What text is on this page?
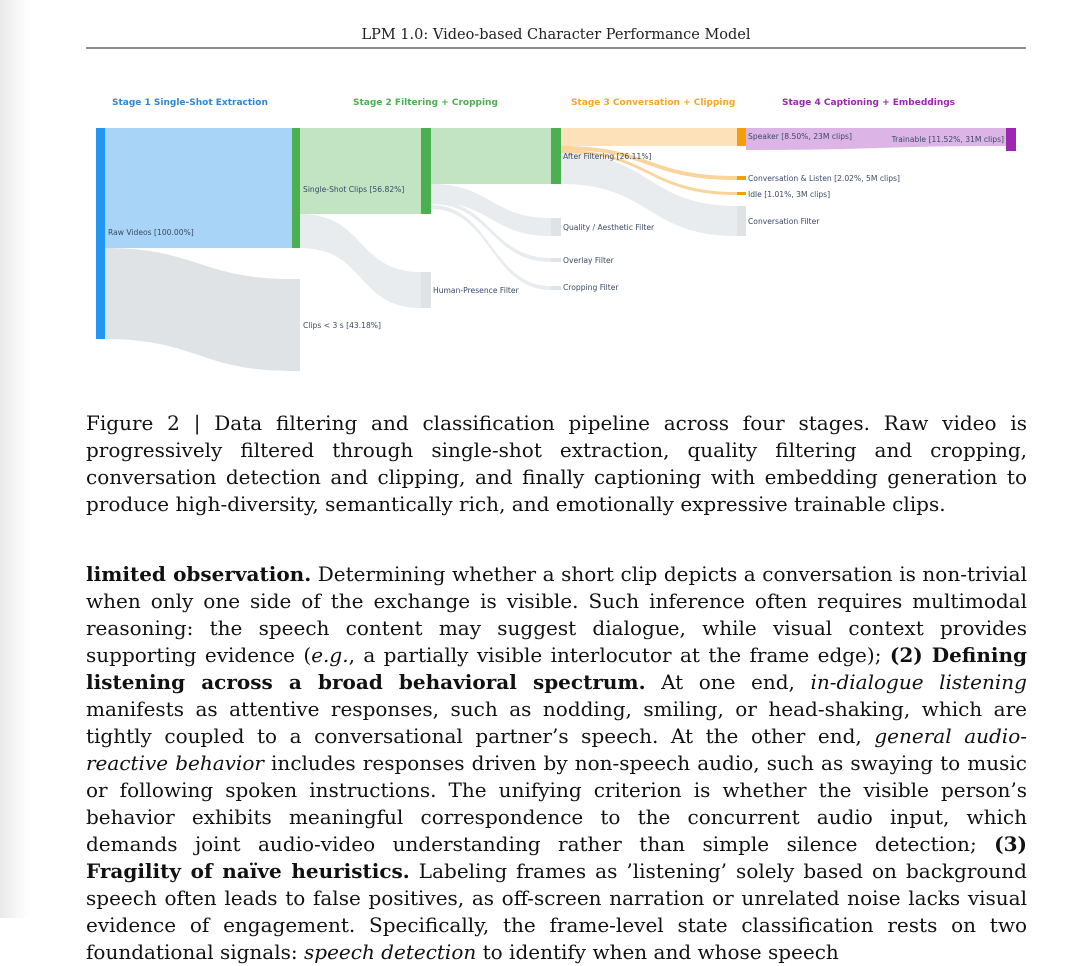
LPM 1.0: Video-based Character Performance Model
Stage 1 Single-Shot Extraction	Stage 2 Filtering + Cropping	Stage 3 Conversation + Clipping	Stage 4 Captioning + Embeddings
Raw Videos [100.00%]
Single-Shot Clips [56.82%]
Clips < 3 s [43.18%]
Human-Presence Filter
After Filtering [26.11%]
Quality / Aesthetic Filter
Overlay Filter
Cropping Filter
Speaker [8.50%, 23M clips]
Conversation & Listen [2.02%, 5M clips]
Idle [1.01%, 3M clips]
Conversation Filter
Trainable [11.52%, 31M clips]
Figure 2 | Data filtering and classification pipeline across four stages. Raw video is progressively filtered through single-shot extraction, quality filtering and cropping, conversation detection and clipping, and finally captioning with embedding generation to produce high-diversity, semantically rich, and emotionally expressive trainable clips.
limited observation. Determining whether a short clip depicts a conversation is non-trivial when only one side of the exchange is visible. Such inference often requires multimodal reasoning: the speech content may suggest dialogue, while visual context provides supporting evidence (e.g., a partially visible interlocutor at the frame edge); (2) Defining listening across a broad behavioral spectrum. At one end, in-dialogue listening manifests as attentive responses, such as nodding, smiling, or head-shaking, which are tightly coupled to a conversational partner’s speech. At the other end, general audio-reactive behavior includes responses driven by non-speech audio, such as swaying to music or following spoken instructions. The unifying criterion is whether the visible person’s behavior exhibits meaningful correspondence to the concurrent audio input, which demands joint audio-video understanding rather than simple silence detection; (3) Fragility of naïve heuristics. Labeling frames as ’listening’ solely based on background speech often leads to false positives, as off-screen narration or unrelated noise lacks visual evidence of engagement. Specifically, the frame-level state classification rests on two foundational signals: speech detection to identify when and whose speech
